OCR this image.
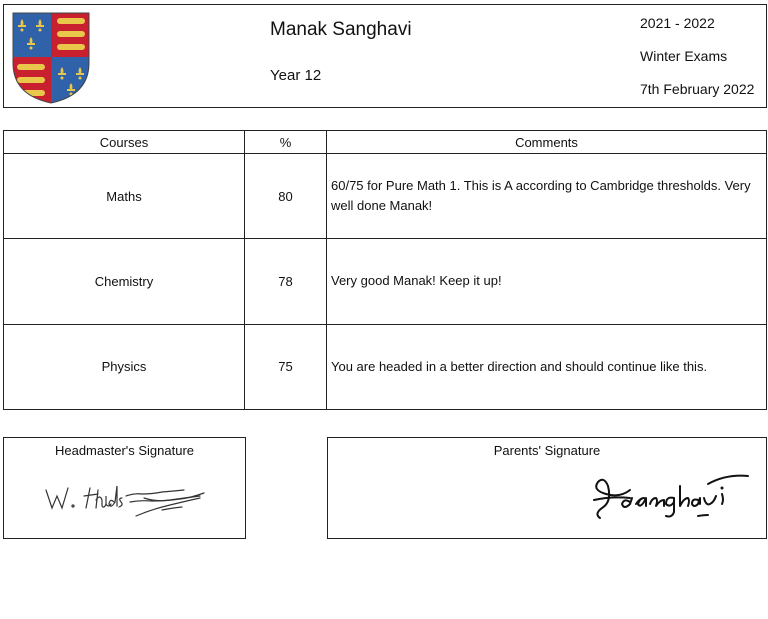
Manak Sanghavi
Year 12
2021 - 2022
Winter Exams
7th February 2022
Courses	%	Comments
Maths	80	60/75 for Pure Math 1. This is A according to Cambridge thresholds. Very well done Manak!
Chemistry	78	Very good Manak! Keep it up!
Physics	75	You are headed in a better direction and should continue like this.
Headmaster's Signature	Parents' Signature
